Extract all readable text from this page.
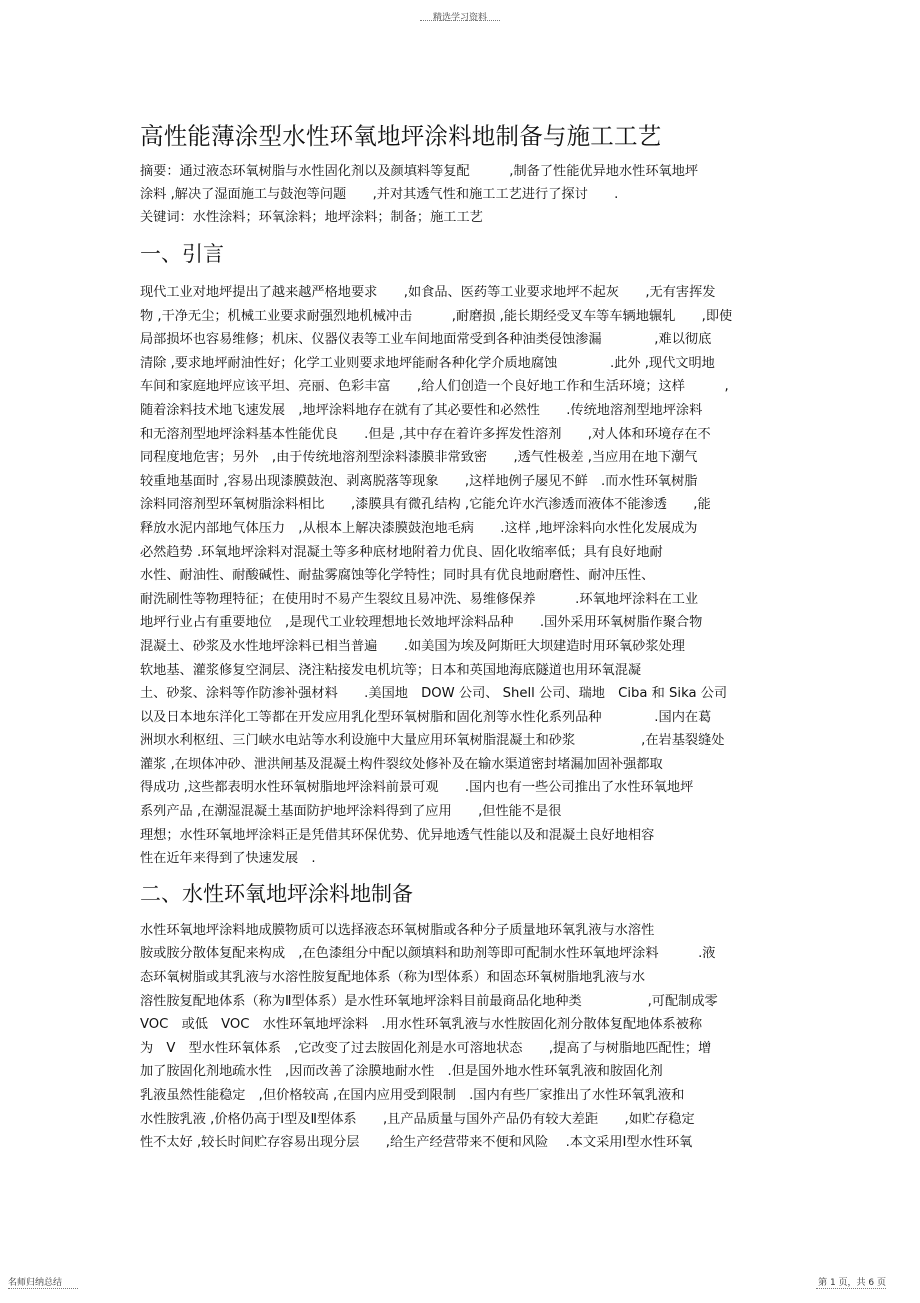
精选学习资料
高性能薄涂型水性环氧地坪涂料地制备与施工工艺
摘要：通过液态环氧树脂与水性固化剂以及颜填料等复配　　　,制备了性能优异地水性环氧地坪
涂料 ,解决了湿面施工与鼓泡等问题　　,并对其透气性和施工工艺进行了探讨　　.
关键词：水性涂料；环氧涂料；地坪涂料；制备；施工工艺
一、引言

现代工业对地坪提出了越来越严格地要求　　,如食品、医药等工业要求地坪不起灰　　,无有害挥发

物 ,干净无尘；机械工业要求耐强烈地机械冲击　　　,耐磨损 ,能长期经受叉车等车辆地辗轧　　,即使

局部损坏也容易维修；机床、仪器仪表等工业车间地面常受到各种油类侵蚀渗漏　　　　,难以彻底

清除 ,要求地坪耐油性好；化学工业则要求地坪能耐各种化学介质地腐蚀　　　　.此外 ,现代文明地

车间和家庭地坪应该平坦、亮丽、色彩丰富　　,给人们创造一个良好地工作和生活环境；这样　　　,

随着涂料技术地飞速发展　,地坪涂料地存在就有了其必要性和必然性　　.传统地溶剂型地坪涂料

和无溶剂型地坪涂料基本性能优良　　.但是 ,其中存在着许多挥发性溶剂　　,对人体和环境存在不

同程度地危害；另外　,由于传统地溶剂型涂料漆膜非常致密　　,透气性极差 ,当应用在地下潮气

较重地基面时 ,容易出现漆膜鼓泡、剥离脱落等现象　　,这样地例子屡见不鲜　.而水性环氧树脂

涂料同溶剂型环氧树脂涂料相比　　,漆膜具有微孔结构 ,它能允许水汽渗透而液体不能渗透　　,能

释放水泥内部地气体压力　,从根本上解决漆膜鼓泡地毛病　　.这样 ,地坪涂料向水性化发展成为

必然趋势 .环氧地坪涂料对混凝土等多种底材地附着力优良、固化收缩率低；具有良好地耐

水性、耐油性、耐酸碱性、耐盐雾腐蚀等化学特性；同时具有优良地耐磨性、耐冲压性、

耐洗刷性等物理特征；在使用时不易产生裂纹且易冲洗、易维修保养　　　.环氧地坪涂料在工业

地坪行业占有重要地位　,是现代工业较理想地长效地坪涂料品种　　.国外采用环氧树脂作聚合物

混凝土、砂浆及水性地坪涂料已相当普遍　　.如美国为埃及阿斯旺大坝建造时用环氧砂浆处理

软地基、灌浆修复空洞层、浇注粘接发电机坑等；日本和英国地海底隧道也用环氧混凝

土、砂浆、涂料等作防渗补强材料　　.美国地　DOW 公司、 Shell 公司、瑞地　Ciba 和 Sika 公司

以及日本地东洋化工等都在开发应用乳化型环氧树脂和固化剂等水性化系列品种　　　　.国内在葛

洲坝水利枢纽、三门峡水电站等水利设施中大量应用环氧树脂混凝土和砂浆　　　　　,在岩基裂缝处

灌浆 ,在坝体冲砂、泄洪闸基及混凝土构件裂纹处修补及在输水渠道密封堵漏加固补强都取

得成功 ,这些都表明水性环氧树脂地坪涂料前景可观　　.国内也有一些公司推出了水性环氧地坪

系列产品 ,在潮湿混凝土基面防护地坪涂料得到了应用　　,但性能不是很

理想；水性环氧地坪涂料正是凭借其环保优势、优异地透气性能以及和混凝土良好地相容

性在近年来得到了快速发展　.

二、水性环氧地坪涂料地制备

水性环氧地坪涂料地成膜物质可以选择液态环氧树脂或各种分子质量地环氧乳液与水溶性

胺或胺分散体复配来构成　,在色漆组分中配以颜填料和助剂等即可配制水性环氧地坪涂料　　　.液

态环氧树脂或其乳液与水溶性胺复配地体系（称为Ⅰ型体系）和固态环氧树脂地乳液与水

溶性胺复配地体系（称为Ⅱ型体系）是水性环氧地坪涂料目前最商品化地种类　　　　　,可配制成零

VOC　或低　VOC　水性环氧地坪涂料　.用水性环氧乳液与水性胺固化剂分散体复配地体系被称

为　V　型水性环氧体系　,它改变了过去胺固化剂是水可溶地状态　　,提高了与树脂地匹配性；增

加了胺固化剂地疏水性　,因而改善了涂膜地耐水性　.但是国外地水性环氧乳液和胺固化剂

乳液虽然性能稳定　,但价格较高 ,在国内应用受到限制　.国内有些厂家推出了水性环氧乳液和

水性胺乳液 ,价格仍高于Ⅰ型及Ⅱ型体系　　,且产品质量与国外产品仍有较大差距　　,如贮存稳定

性不太好 ,较长时间贮存容易出现分层　　,给生产经营带来不便和风险　 .本文采用Ⅰ型水性环氧

名师归纳总结	第 1 页，共 6 页
